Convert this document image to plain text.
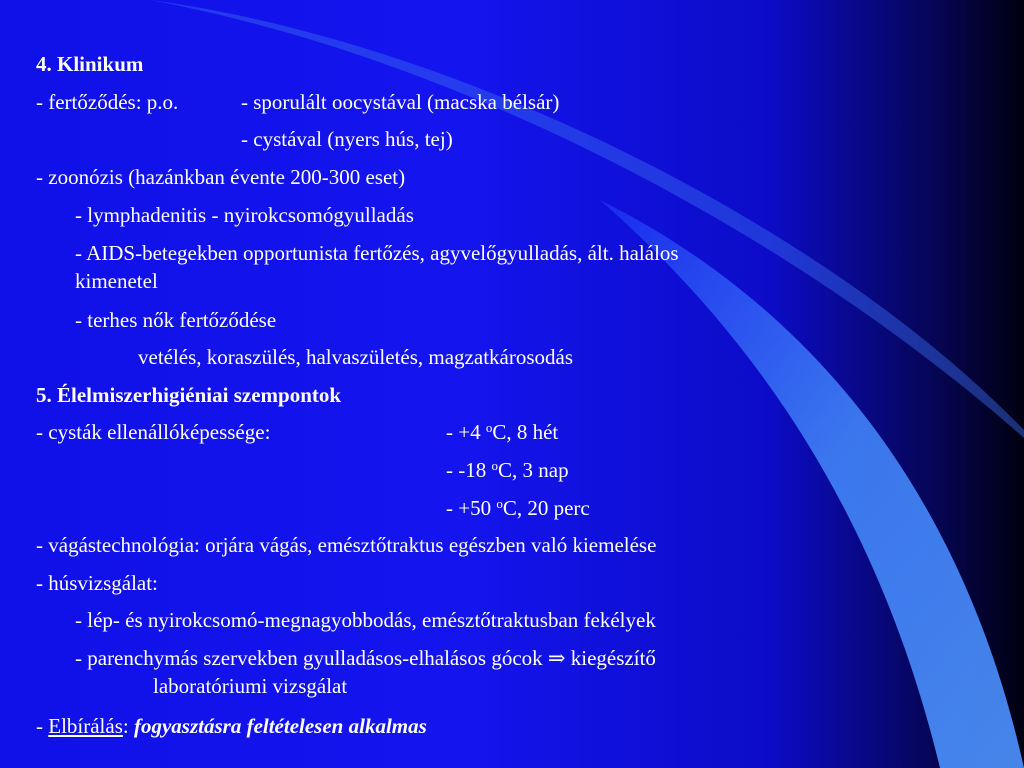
4. Klinikum
- fertőződés: p.o.	- sporulált oocystával (macska bélsár)
- cystával (nyers hús, tej)
- zoonózis (hazánkban évente 200-300 eset)
- lymphadenitis - nyirokcsomógyulladás
- AIDS-betegekben opportunista fertőzés, agyvelőgyulladás, ált. halálos
kimenetel
- terhes nők fertőződése
vetélés, koraszülés, halvaszületés, magzatkárosodás
5. Élelmiszerhigiéniai szempontok
- cysták ellenállóképessége:	- +4 $^o$C, 8 hét
- -18 $^o$C, 3 nap
- +50 $^o$C, 20 perc
- vágástechnológia: orjára vágás, emésztőtraktus egészben való kiemelése
- húsvizsgálat:
- lép- és nyirokcsomó-megnagyobbodás, emésztőtraktusban fekélyek
- parenchymás szervekben gyulladásos-elhalásos gócok ⇒ kiegészítő
laboratóriumi vizsgálat
- Elbírálás: fogyasztásra feltételesen alkalmas
